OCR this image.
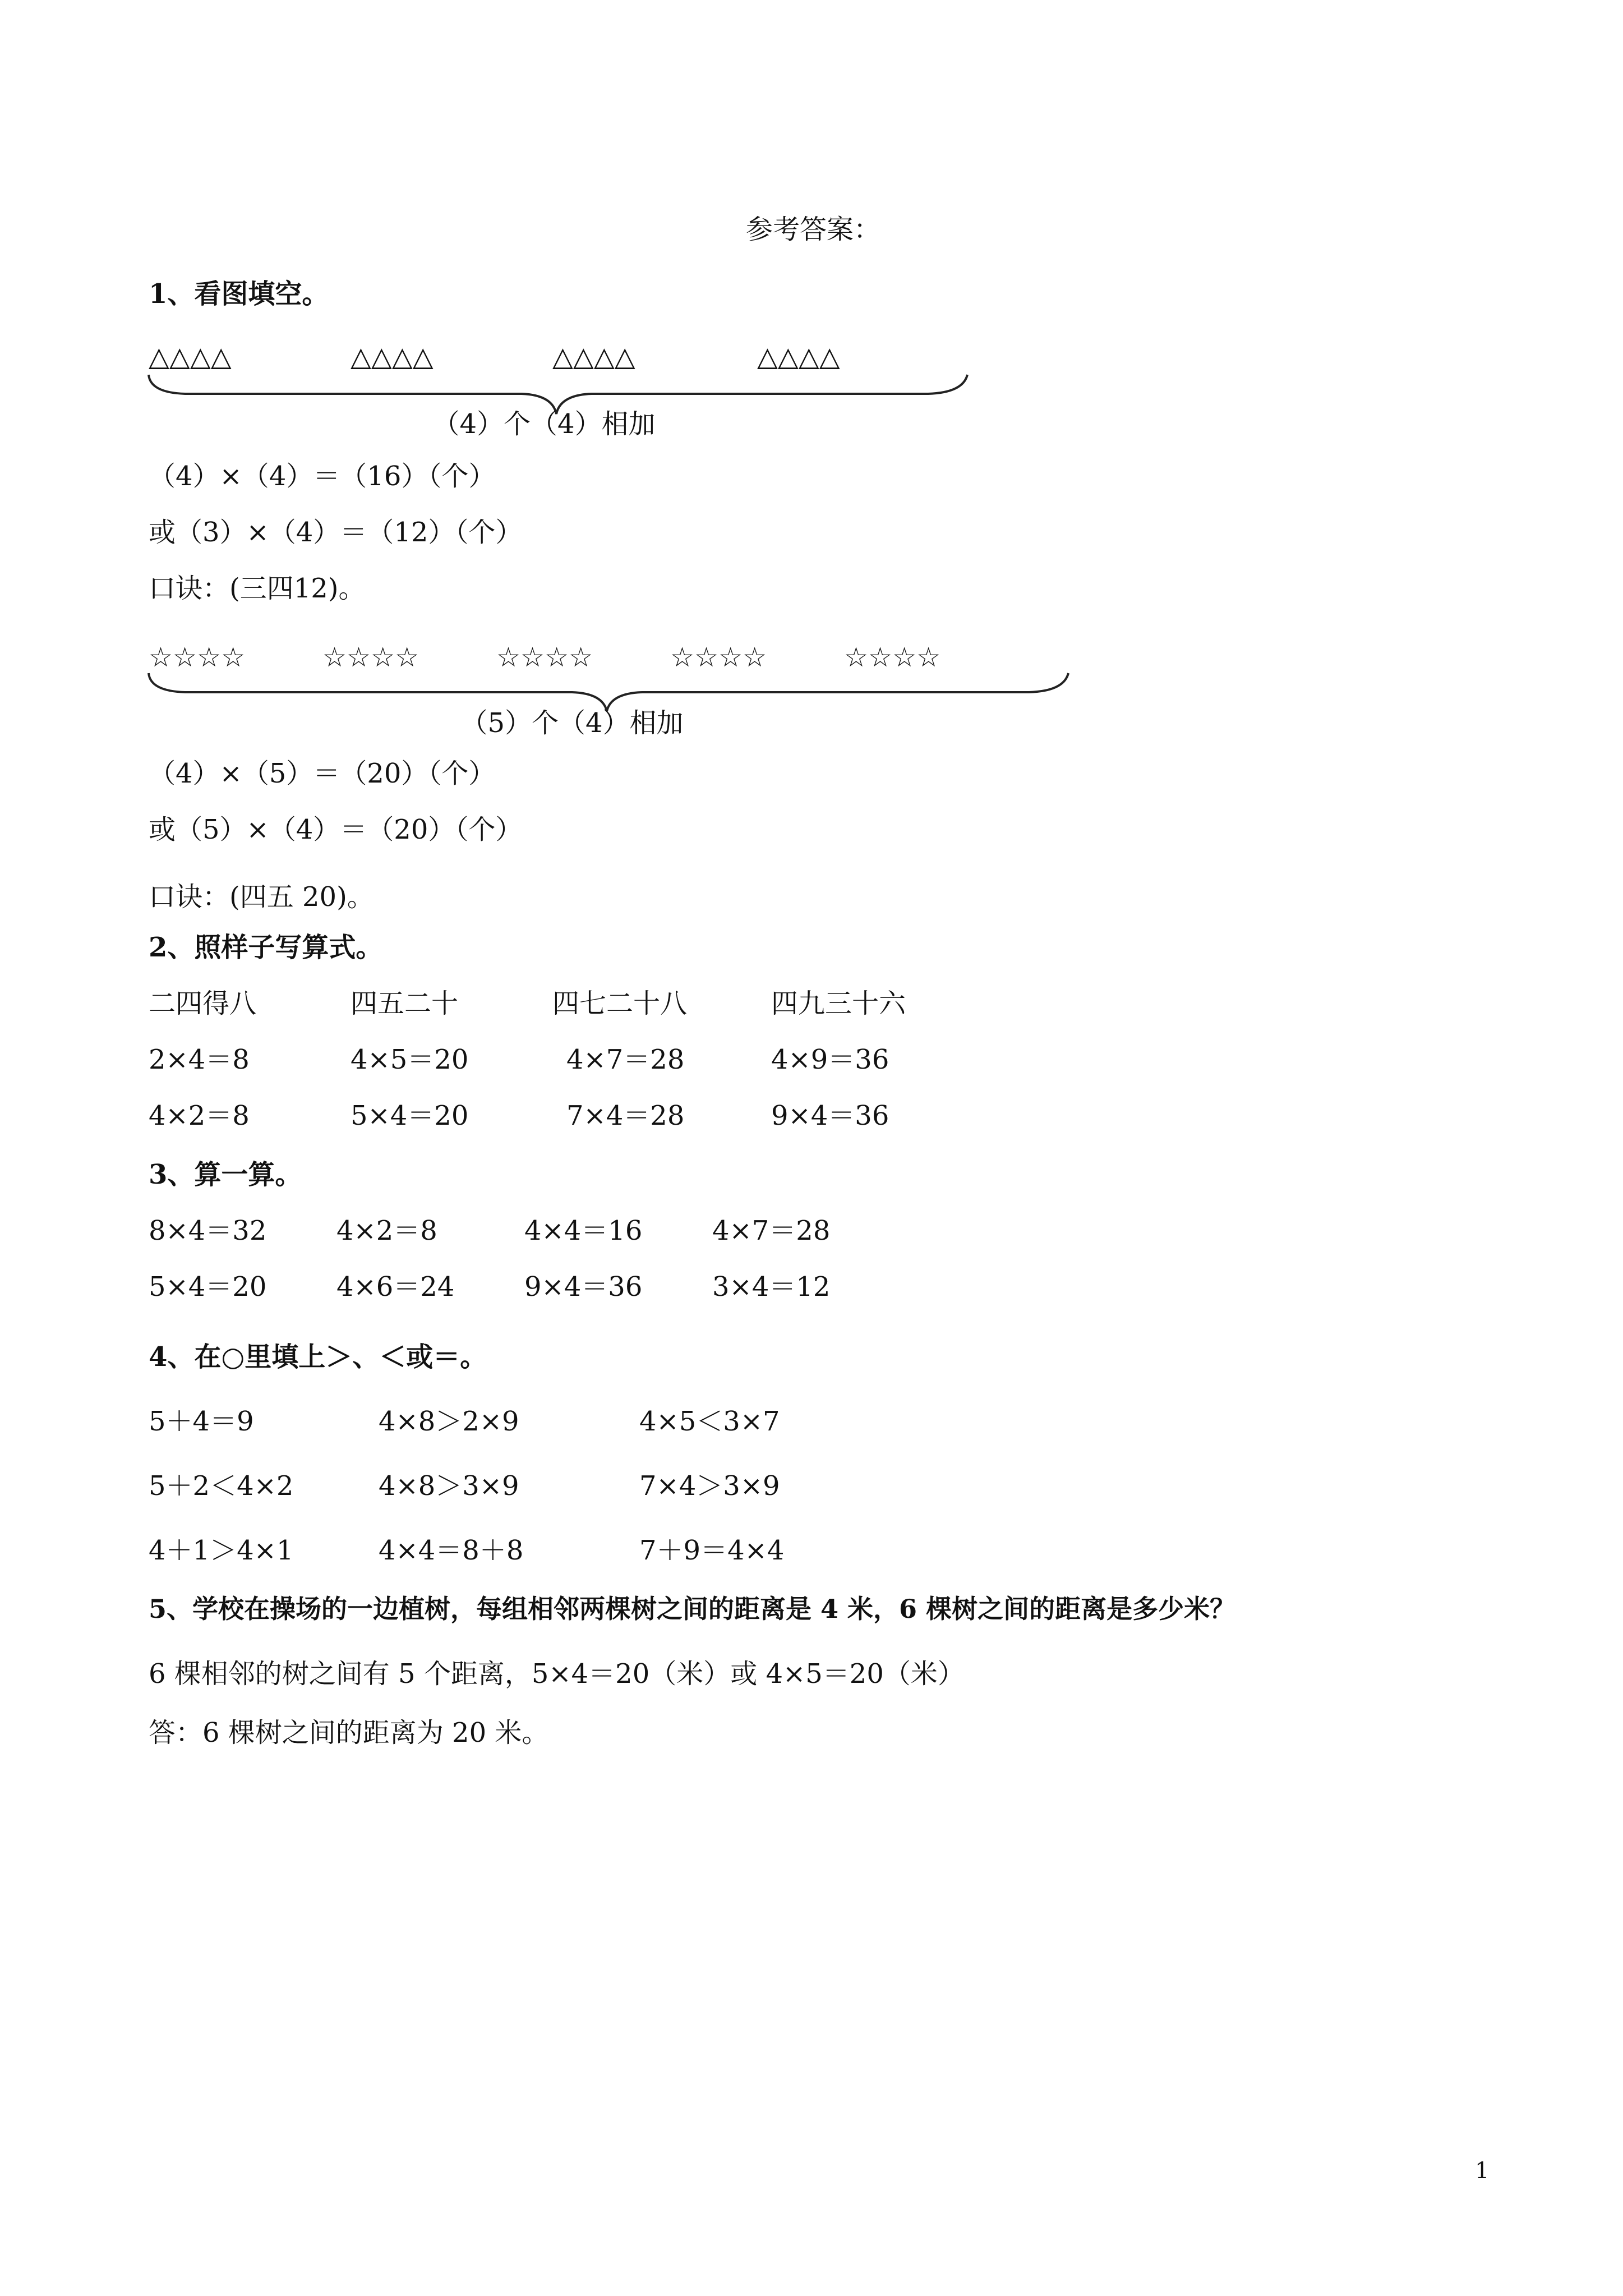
参考答案：
1、看图填空。
△△△△	△△△△	△△△△	△△△△
（4）个（4）相加
（4）×（4）＝（16）（个）
或（3）×（4）＝（12）（个）
口诀：(三四12)。
☆☆☆☆	☆☆☆☆	☆☆☆☆	☆☆☆☆	☆☆☆☆
（5）个（4）相加
（4）×（5）＝（20）（个）
或（5）×（4）＝（20）（个）
口诀：(四五 20)。
2、照样子写算式。
二四得八	四五二十	四七二十八	四九三十六
2×4＝8	4×5＝20	4×7＝28	4×9＝36
4×2＝8	5×4＝20	7×4＝28	9×4＝36
3、算一算。
8×4＝32	4×2＝8	4×4＝16	4×7＝28
5×4＝20	4×6＝24	9×4＝36	3×4＝12
4、在○里填上＞、＜或＝。
5＋4＝9	4×8＞2×9	4×5＜3×7
5＋2＜4×2	4×8＞3×9	7×4＞3×9
4＋1＞4×1	4×4＝8＋8	7＋9＝4×4
5、学校在操场的一边植树，每组相邻两棵树之间的距离是 4 米，6 棵树之间的距离是多少米？
6 棵相邻的树之间有 5 个距离，5×4＝20（米）或 4×5＝20（米）
答：6 棵树之间的距离为 20 米。
1
